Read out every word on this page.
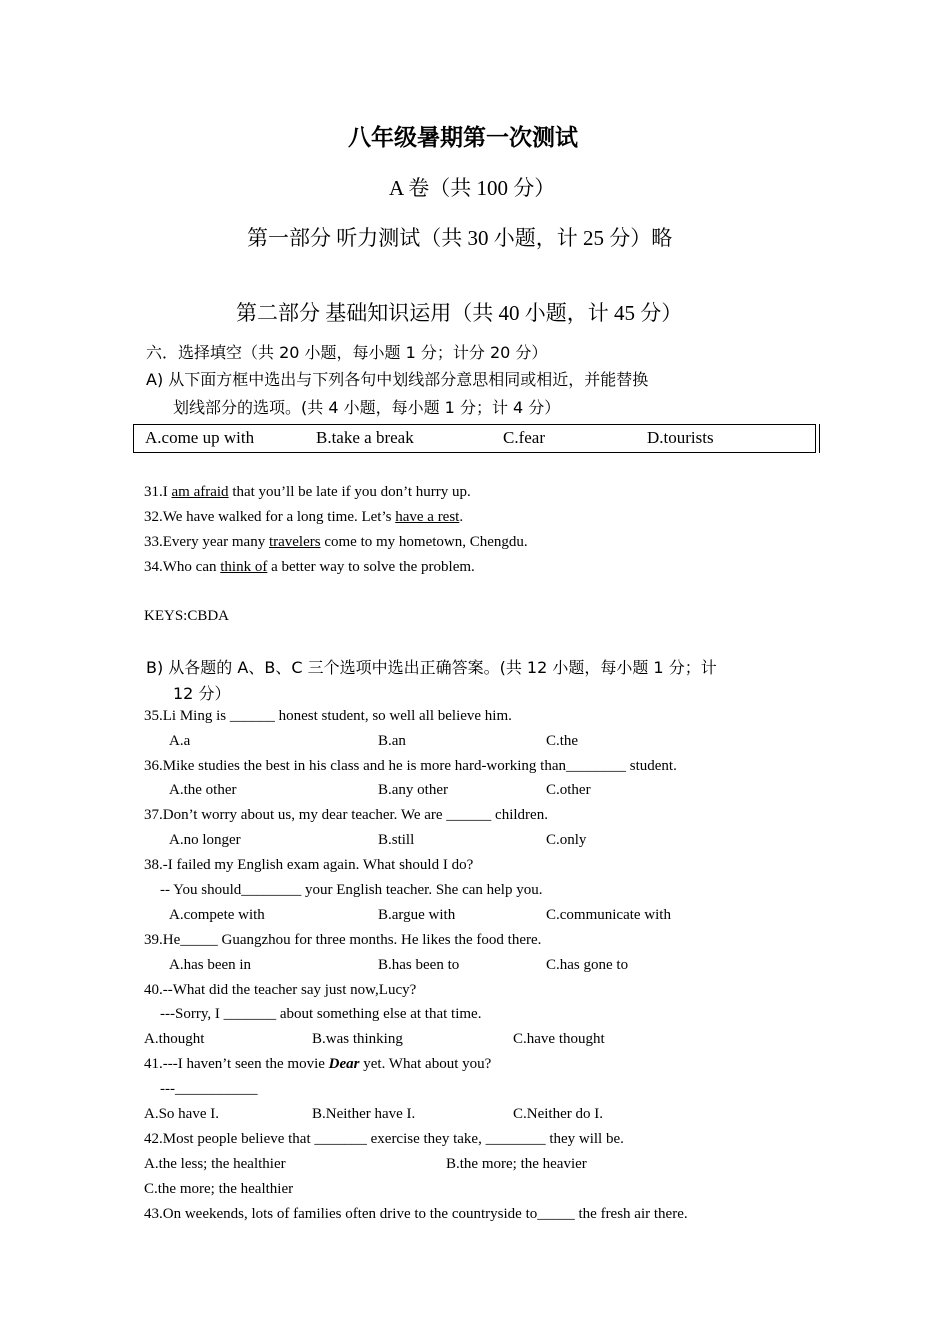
八年级暑期第一次测试
A 卷（共 100 分）
第一部分 听力测试（共 30 小题，计 25 分）略
第二部分 基础知识运用（共 40 小题，计 45 分）
六．选择填空（共 20 小题，每小题 1 分；计分 20 分）
A) 从下面方框中选出与下列各句中划线部分意思相同或相近，并能替换
划线部分的选项。(共 4 小题，每小题 1 分；计 4 分）
A.come up with	B.take a break	C.fear	D.tourists
31.I am afraid that you’ll be late if you don’t hurry up.
32.We have walked for a long time. Let’s have a rest.
33.Every year many travelers come to my hometown, Chengdu.
34.Who can think of a better way to solve the problem.
KEYS:CBDA
B) 从各题的 A、B、C 三个选项中选出正确答案。(共 12 小题，每小题 1 分；计
12 分）
35.Li Ming is ______ honest student, so well all believe him.
A.a	B.an	C.the
36.Mike studies the best in his class and he is more hard-working than________ student.
A.the other	B.any other	C.other
37.Don’t worry about us, my dear teacher. We are ______ children.
A.no longer	B.still	C.only
38.-I failed my English exam again. What should I do?
-- You should________ your English teacher. She can help you.
A.compete with	B.argue with	C.communicate with
39.He_____ Guangzhou for three months. He likes the food there.
A.has been in	B.has been to	C.has gone to
40.--What did the teacher say just now,Lucy?
---Sorry, I _______ about something else at that time.
A.thought	B.was thinking	C.have thought
41.---I haven’t seen the movie Dear yet. What about you?
---___________
A.So have I.	B.Neither have I.	C.Neither do I.
42.Most people believe that _______ exercise they take, ________ they will be.
A.the less; the healthier	B.the more; the heavier
C.the more; the healthier
43.On weekends, lots of families often drive to the countryside to_____ the fresh air there.
